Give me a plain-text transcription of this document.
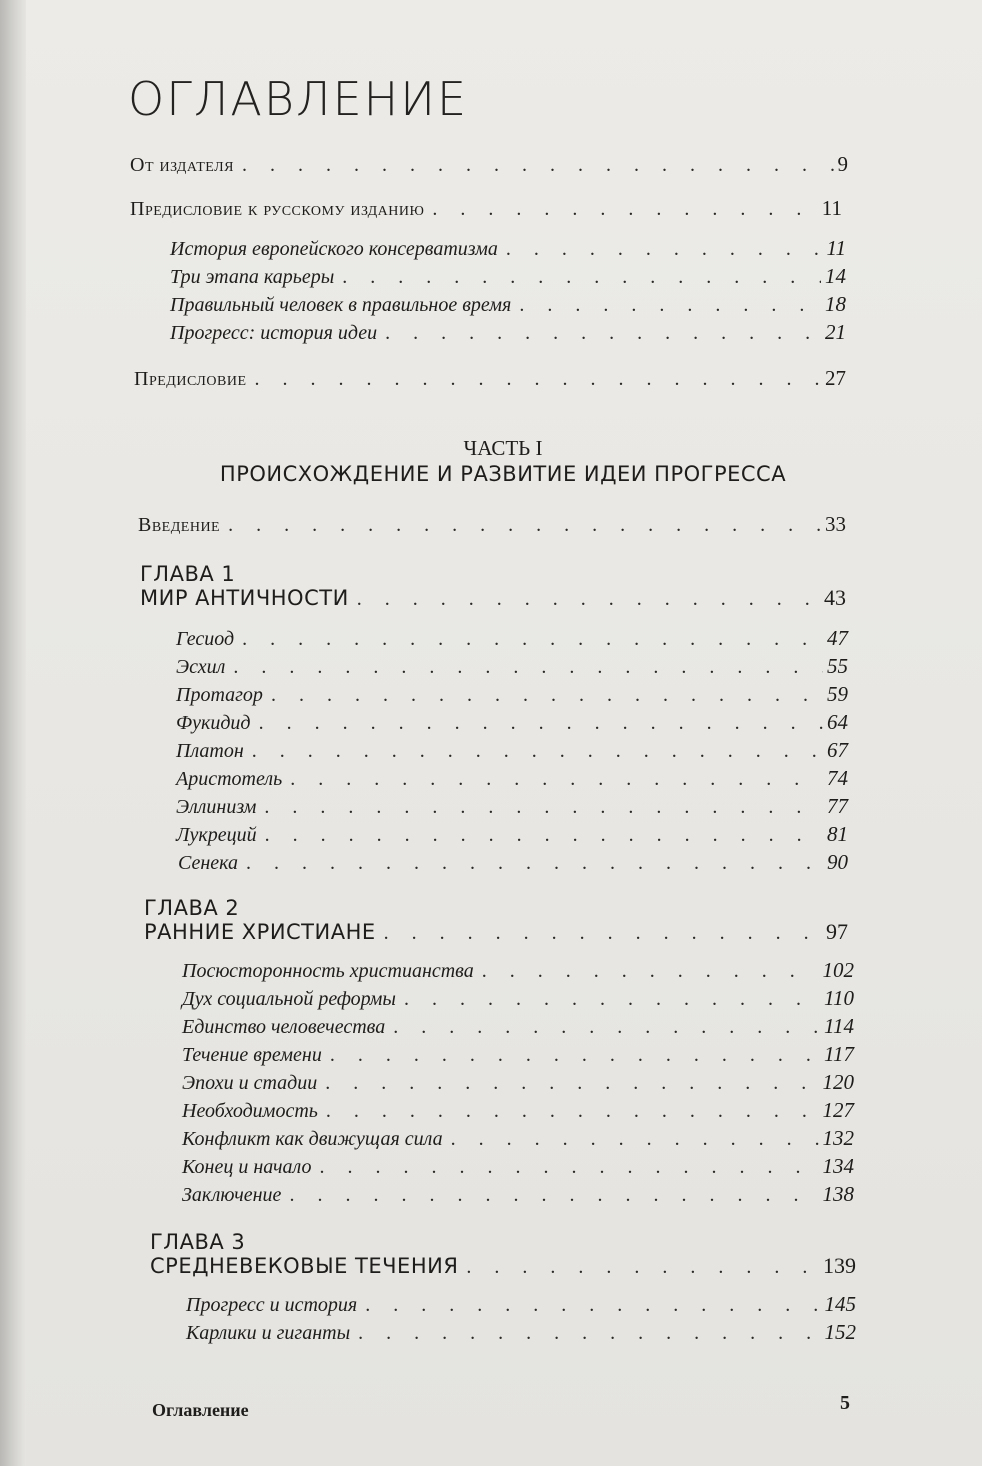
ОГЛАВЛЕНИЕ
От издателя . . .	9
Предисловие к русскому изданию . . .	11
История европейского консерватизма . . .	11
Три этапа карьеры . . .	14
Правильный человек в правильное время . . .	18
Прогресс: история идеи . . .	21
Предисловие . . .	27
ЧАСТЬ I
ПРОИСХОЖДЕНИЕ И РАЗВИТИЕ ИДЕИ ПРОГРЕССА
Введение . . .	33
ГЛАВА 1
МИР АНТИЧНОСТИ . . .	43
Гесиод . . .	47
Эсхил . . .	55
Протагор . . .	59
Фукидид . . .	64
Платон . . .	67
Аристотель . . .	74
Эллинизм . . .	77
Лукреций . . .	81
Сенека . . .	90
ГЛАВА 2
РАННИЕ ХРИСТИАНЕ . . .	97
Посюсторонность христианства . . .	102
Дух социальной реформы . . .	110
Единство человечества . . .	114
Течение времени . . .	117
Эпохи и стадии . . .	120
Необходимость . . .	127
Конфликт как движущая сила . . .	132
Конец и начало . . .	134
Заключение . . .	138
ГЛАВА 3
СРЕДНЕВЕКОВЫЕ ТЕЧЕНИЯ . . .	139
Прогресс и история . . .	145
Карлики и гиганты . . .	152
Оглавление	5
